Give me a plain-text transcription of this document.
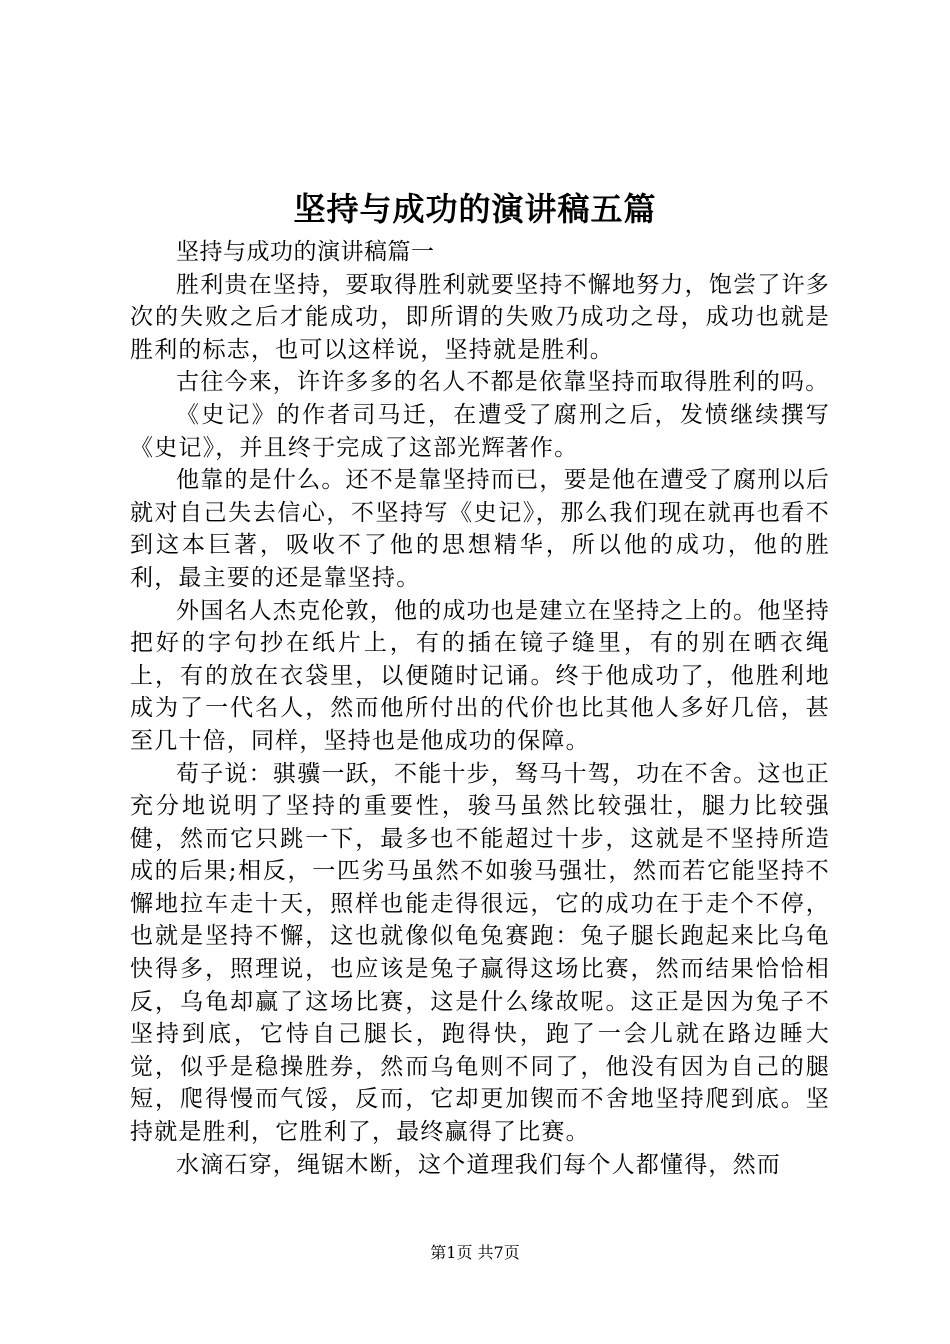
坚持与成功的演讲稿五篇

坚持与成功的演讲稿篇一

胜利贵在坚持，要取得胜利就要坚持不懈地努力，饱尝了许多次的失败之后才能成功，即所谓的失败乃成功之母，成功也就是胜利的标志，也可以这样说，坚持就是胜利。

古往今来，许许多多的名人不都是依靠坚持而取得胜利的吗。

《史记》的作者司马迁，在遭受了腐刑之后，发愤继续撰写《史记》，并且终于完成了这部光辉著作。

他靠的是什么。还不是靠坚持而已，要是他在遭受了腐刑以后就对自己失去信心，不坚持写《史记》，那么我们现在就再也看不到这本巨著，吸收不了他的思想精华，所以他的成功，他的胜利，最主要的还是靠坚持。

外国名人杰克伦敦，他的成功也是建立在坚持之上的。他坚持把好的字句抄在纸片上，有的插在镜子缝里，有的别在晒衣绳上，有的放在衣袋里，以便随时记诵。终于他成功了，他胜利地成为了一代名人，然而他所付出的代价也比其他人多好几倍，甚至几十倍，同样，坚持也是他成功的保障。

荀子说：骐骥一跃，不能十步，驽马十驾，功在不舍。这也正充分地说明了坚持的重要性，骏马虽然比较强壮，腿力比较强健，然而它只跳一下，最多也不能超过十步，这就是不坚持所造成的后果;相反，一匹劣马虽然不如骏马强壮，然而若它能坚持不懈地拉车走十天，照样也能走得很远，它的成功在于走个不停，也就是坚持不懈，这也就像似龟兔赛跑：兔子腿长跑起来比乌龟快得多，照理说，也应该是兔子赢得这场比赛，然而结果恰恰相反，乌龟却赢了这场比赛，这是什么缘故呢。这正是因为兔子不坚持到底，它恃自己腿长，跑得快，跑了一会儿就在路边睡大觉，似乎是稳操胜券，然而乌龟则不同了，他没有因为自己的腿短，爬得慢而气馁，反而，它却更加锲而不舍地坚持爬到底。坚持就是胜利，它胜利了，最终赢得了比赛。

水滴石穿，绳锯木断，这个道理我们每个人都懂得，然而

第1页 共7页
